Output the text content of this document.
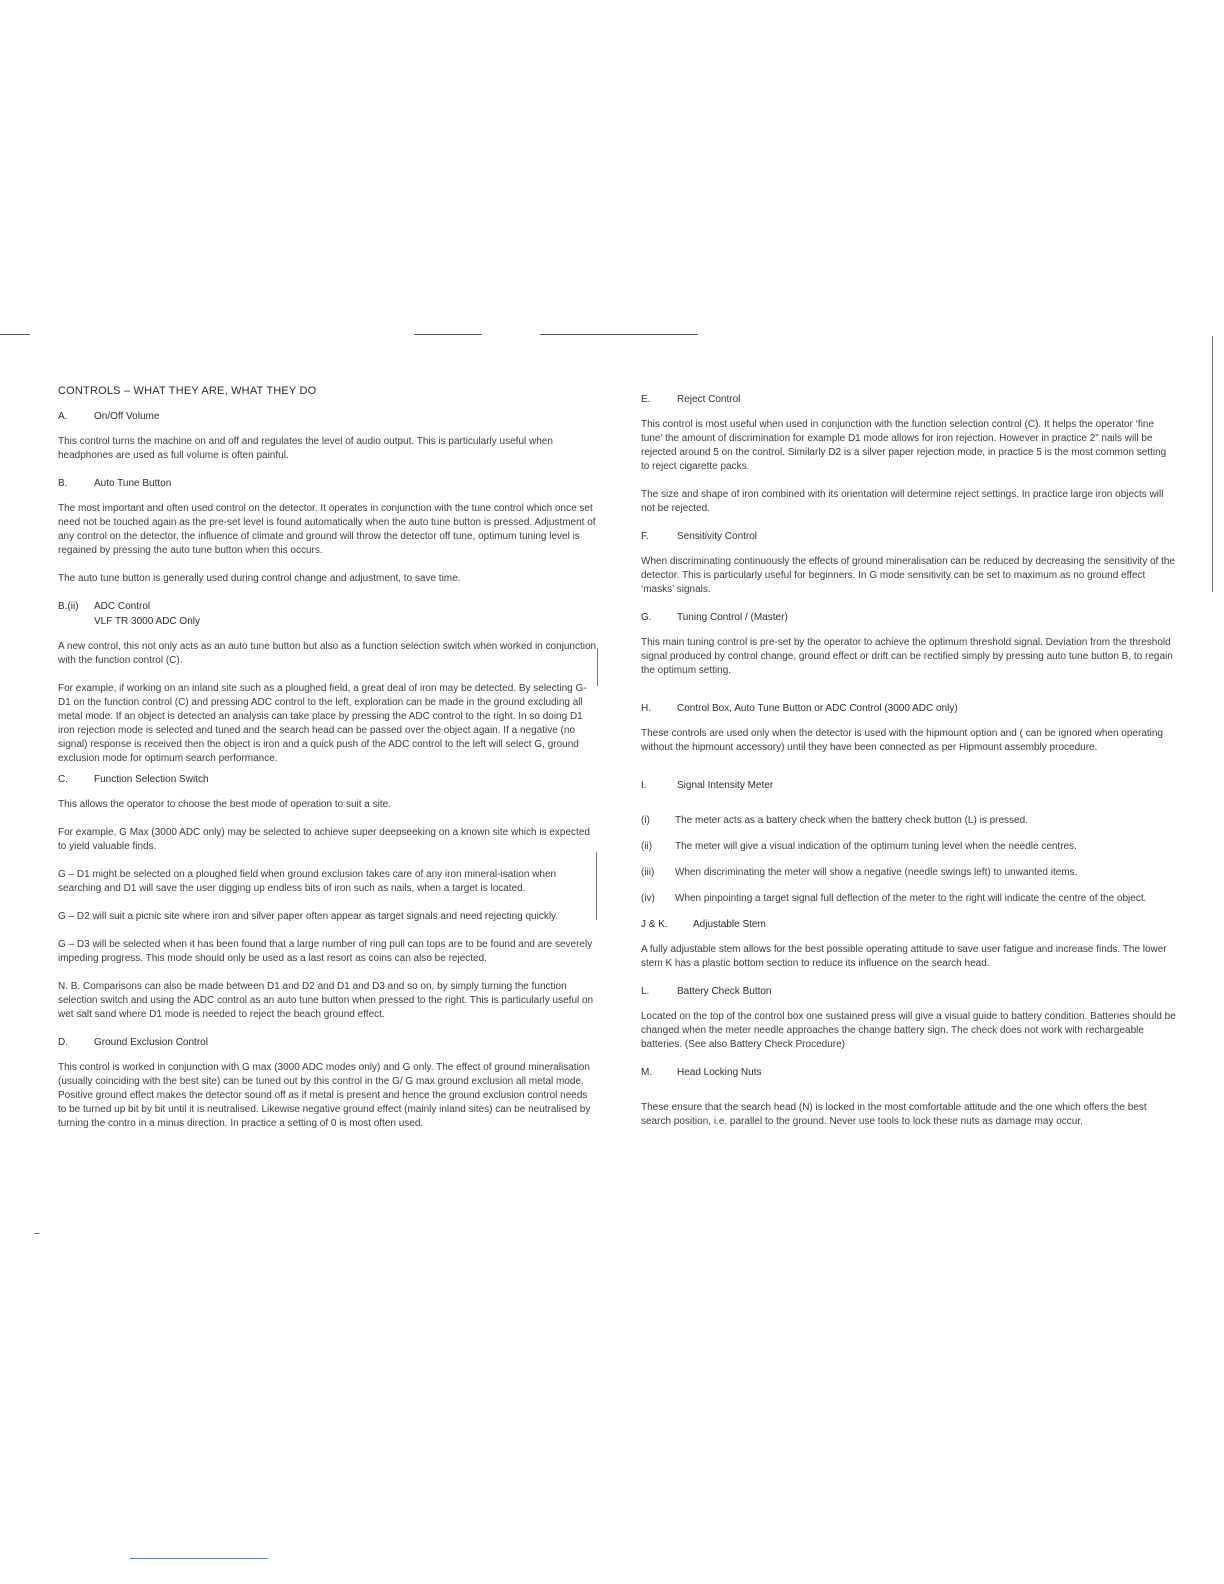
–
CONTROLS – WHAT THEY ARE, WHAT THEY DO
A.	On/Off Volume

This control turns the machine on and off and regulates the level of audio output. This is particularly useful when headphones are used as full volume is often painful.

B.	Auto Tune Button

The most important and often used control on the detector. It operates in conjunction with the tune control which once set need not be touched again as the pre-set level is found automatically when the auto tune button is pressed. Adjustment of any control on the detector, the influence of climate and ground will throw the detector off tune, optimum tuning level is regained by pressing the auto tune button when this occurs.

The auto tune button is generally used during control change and adjustment, to save time.

B.(ii) ADC Control
VLF TR 3000 ADC Only

A new control, this not only acts as an auto tune button but also as a function selection switch when worked in conjunction with the function control (C).

For example, if working on an inland site such as a ploughed field, a great deal of iron may be detected. By selecting G-D1 on the function control (C) and pressing ADC control to the left, exploration can be made in the ground excluding all metal mode. If an object is detected an analysis can take place by pressing the ADC control to the right. In so doing D1 iron rejection mode is selected and tuned and the search head can be passed over the object again. If a negative (no signal) response is received then the object is iron and a quick push of the ADC control to the left will select G, ground exclusion mode for optimum search performance.

C.	Function Selection Switch

This allows the operator to choose the best mode of operation to suit a site.

For example, G Max (3000 ADC only) may be selected to achieve super deepseeking on a known site which is expected to yield valuable finds.

G – D1 might be selected on a ploughed field when ground exclusion takes care of any iron mineral-isation when searching and D1 will save the user digging up endless bits of iron such as nails, when a target is located.

G – D2 will suit a picnic site where iron and silver paper often appear as target signals and need rejecting quickly.

G – D3 will be selected when it has been found that a large number of ring pull can tops are to be found and are severely impeding progress. This mode should only be used as a last resort as coins can also be rejected.

N. B. Comparisons can also be made between D1 and D2 and D1 and D3 and so on, by simply turning the function selection switch and using the ADC control as an auto tune button when pressed to the right. This is particularly useful on wet salt sand where D1 mode is needed to reject the beach ground effect.

D.	Ground Exclusion Control

This control is worked in conjunction with G max (3000 ADC modes only) and G only. The effect of ground mineralisation (usually coinciding with the best site) can be tuned out by this control in the G/ G max ground exclusion all metal mode. Positive ground effect makes the detector sound off as if metal is present and hence the ground exclusion control needs to be turned up bit by bit until it is neutralised. Likewise negative ground effect (mainly inland sites) can be neutralised by turning the contro in a minus direction. In practice a setting of 0 is most often used.

E.	Reject Control

This control is most useful when used in conjunction with the function selection control (C). It helps the operator ‘fine tune’ the amount of discrimination for example D1 mode allows for iron rejection. However in practice 2” nails will be rejected around 5 on the control. Similarly D2 is a silver paper rejection mode, in practice 5 is the most common setting to reject cigarette packs.

The size and shape of iron combined with its orientation will determine reject settings. In practice large iron objects will not be rejected.

F.	Sensitivity Control

When discriminating continuously the effects of ground mineralisation can be reduced by decreasing the sensitivity of the detector. This is particularly useful for beginners. In G mode sensitivity can be set to maximum as no ground effect ‘masks’ signals.

G.	Tuning Control / (Master)

This main tuning control is pre-set by the operator to achieve the optimum threshold signal. Deviation from the threshold signal produced by control change, ground effect or drift can be rectified simply by pressing auto tune button B, to regain the optimum setting.

H.	Control Box, Auto Tune Button or ADC Control (3000 ADC only)

These controls are used only when the detector is used with the hipmount option and ( can be ignored when operating without the hipmount accessory) until they have been connected as per Hipmount assembly procedure.

I.	Signal Intensity Meter
(i)	The meter acts as a battery check when the battery check button (L) is pressed.
(ii)	The meter will give a visual indication of the optimum tuning level when the needle centres.
(iii)	When discriminating the meter will show a negative (needle swings left) to unwanted items.
(iv)	When pinpointing a target signal full deflection of the meter to the right will indicate the centre of the object.
J & K.	Adjustable Stem

A fully adjustable stem allows for the best possible operating attitude to save user fatigue and increase finds. The lower stem K has a plastic bottom section to reduce its influence on the search head.

L.	Battery Check Button

Located on the top of the control box one sustained press will give a visual guide to battery condition. Batteries should be changed when the meter needle approaches the change battery sign. The check does not work with rechargeable batteries. (See also Battery Check Procedure)

M. Head Locking Nuts

These ensure that the search head (N) is locked in the most comfortable attitude and the one which offers the best search position, i.e. parallel to the ground. Never use tools to lock these nuts as damage may occur.
